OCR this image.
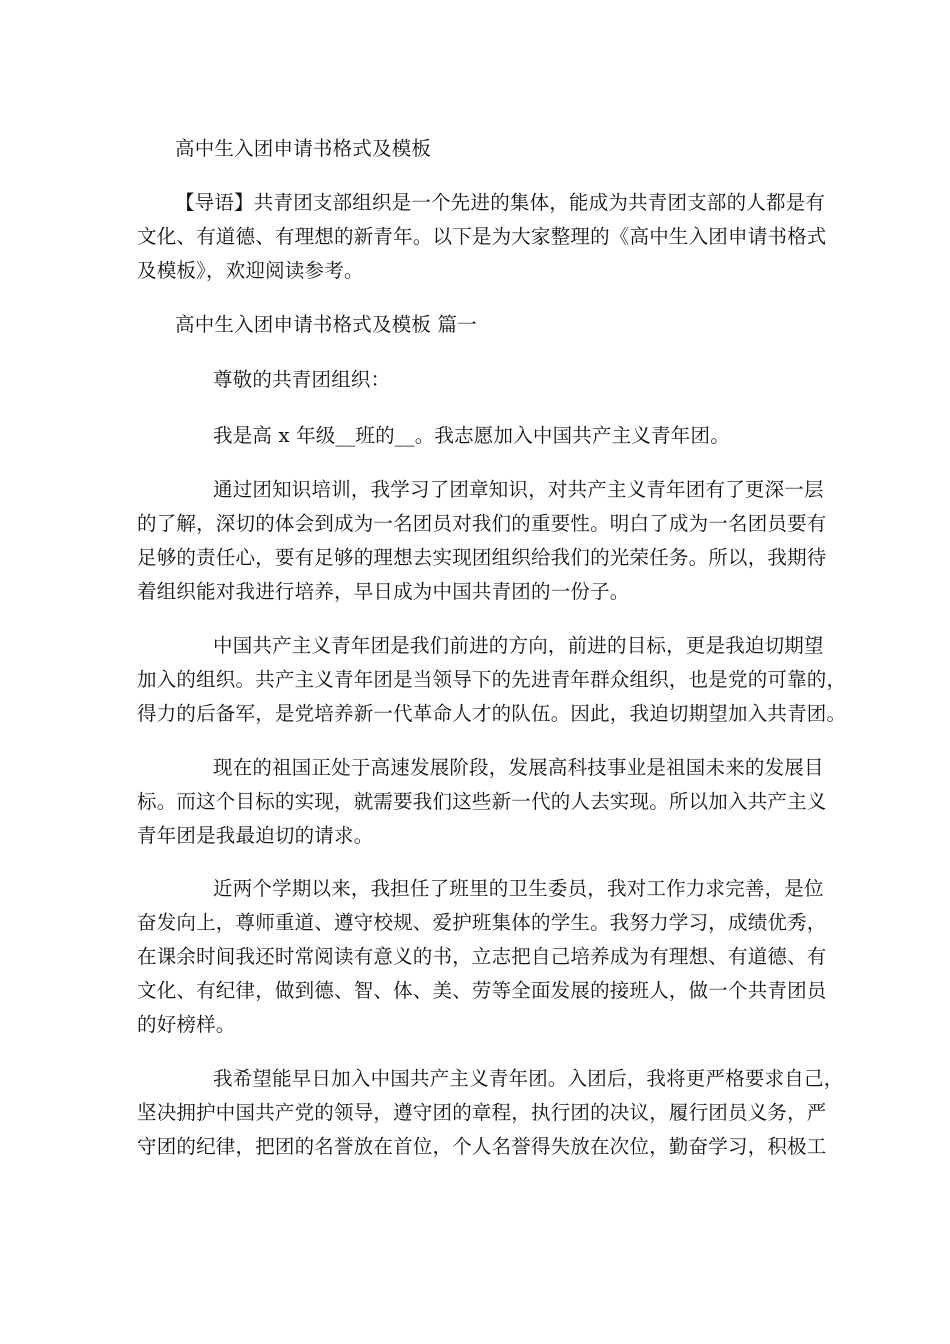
高中生入团申请书格式及模板
【导语】共青团支部组织是一个先进的集体，能成为共青团支部的人都是有
文化、有道德、有理想的新青年。以下是为大家整理的《高中生入团申请书格式
及模板》，欢迎阅读参考。
高中生入团申请书格式及模板 篇一
尊敬的共青团组织：
我是高 x 年级__班的__。我志愿加入中国共产主义青年团。
通过团知识培训，我学习了团章知识，对共产主义青年团有了更深一层
的了解，深切的体会到成为一名团员对我们的重要性。明白了成为一名团员要有
足够的责任心，要有足够的理想去实现团组织给我们的光荣任务。所以，我期待
着组织能对我进行培养，早日成为中国共青团的一份子。
中国共产主义青年团是我们前进的方向，前进的目标，更是我迫切期望
加入的组织。共产主义青年团是当领导下的先进青年群众组织，也是党的可靠的，
得力的后备军，是党培养新一代革命人才的队伍。因此，我迫切期望加入共青团。
现在的祖国正处于高速发展阶段，发展高科技事业是祖国未来的发展目
标。而这个目标的实现，就需要我们这些新一代的人去实现。所以加入共产主义
青年团是我最迫切的请求。
近两个学期以来，我担任了班里的卫生委员，我对工作力求完善，是位
奋发向上，尊师重道、遵守校规、爱护班集体的学生。我努力学习，成绩优秀，
在课余时间我还时常阅读有意义的书，立志把自己培养成为有理想、有道德、有
文化、有纪律，做到德、智、体、美、劳等全面发展的接班人，做一个共青团员
的好榜样。
我希望能早日加入中国共产主义青年团。入团后，我将更严格要求自己，
坚决拥护中国共产党的领导，遵守团的章程，执行团的决议，履行团员义务，严
守团的纪律，把团的名誉放在首位，个人名誉得失放在次位，勤奋学习，积极工
